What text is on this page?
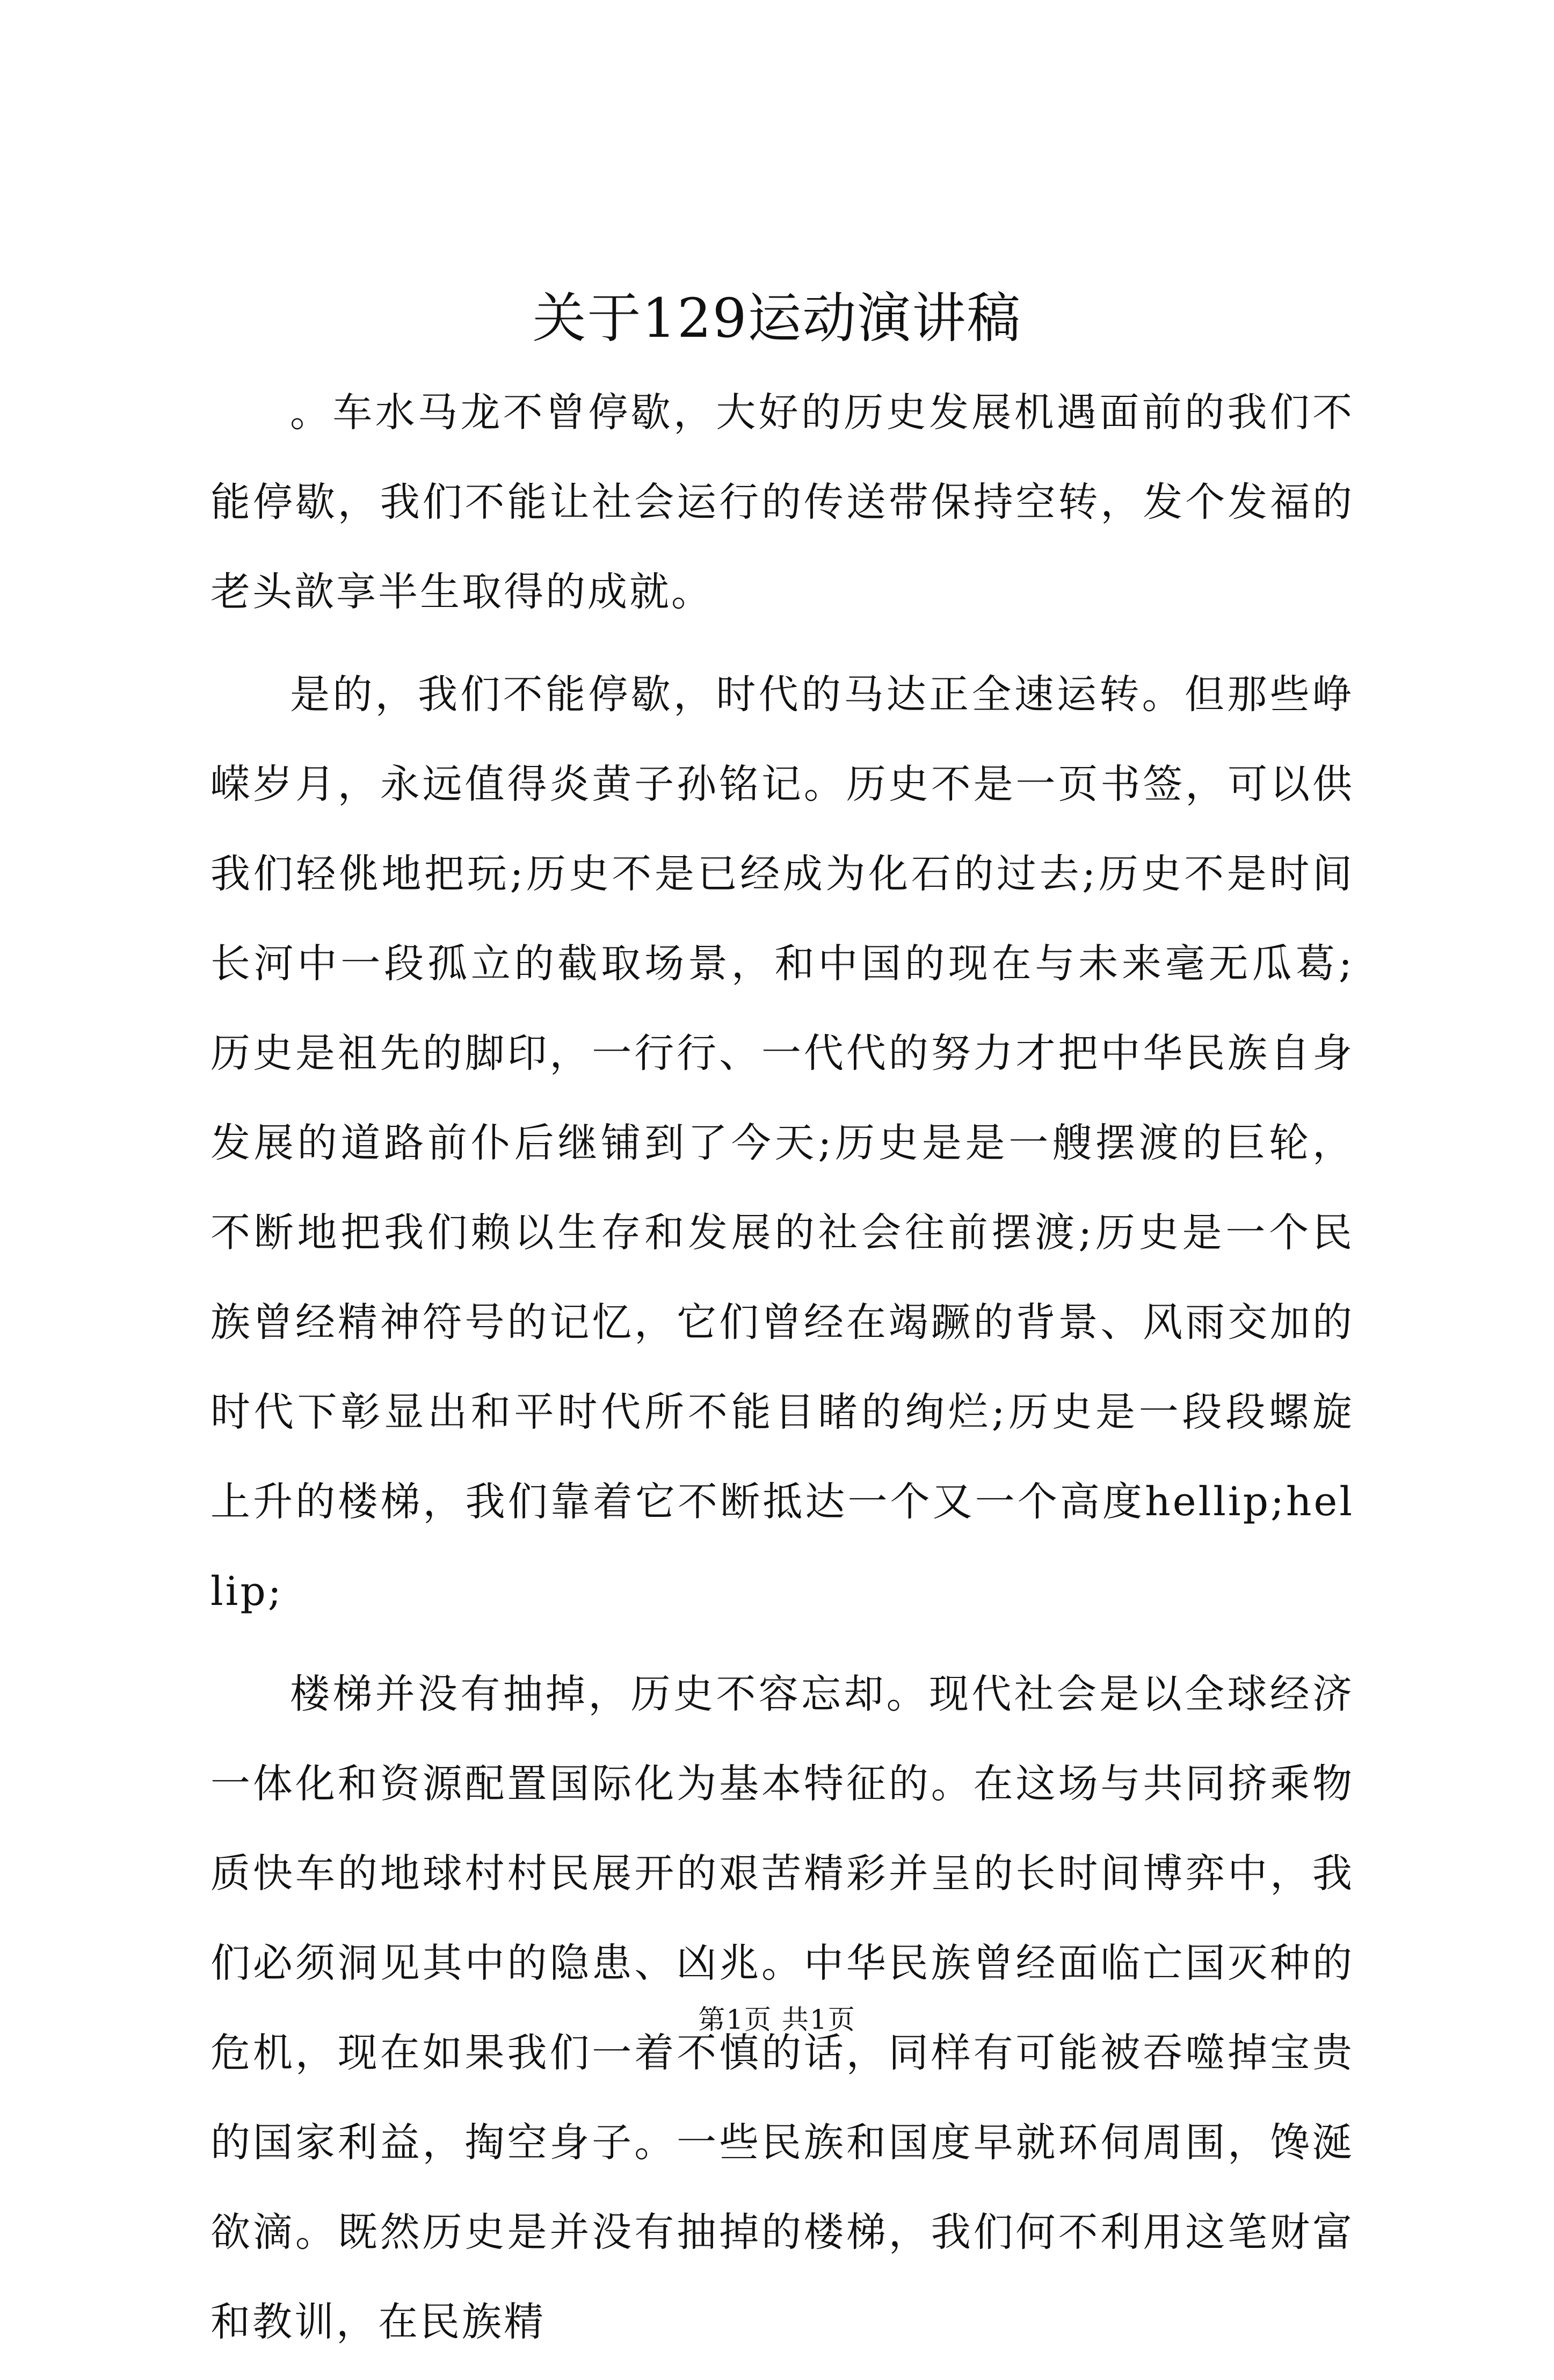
关于129运动演讲稿

。车水马龙不曾停歇，大好的历史发展机遇面前的我们不能停歇，我们不能让社会运行的传送带保持空转，发个发福的老头歆享半生取得的成就。

是的，我们不能停歇，时代的马达正全速运转。但那些峥嵘岁月，永远值得炎黄子孙铭记。历史不是一页书签，可以供我们轻佻地把玩;历史不是已经成为化石的过去;历史不是时间长河中一段孤立的截取场景，和中国的现在与未来毫无瓜葛;历史是祖先的脚印，一行行、一代代的努力才把中华民族自身发展的道路前仆后继铺到了今天;历史是是一艘摆渡的巨轮，不断地把我们赖以生存和发展的社会往前摆渡;历史是一个民族曾经精神符号的记忆，它们曾经在竭蹶的背景、风雨交加的时代下彰显出和平时代所不能目睹的绚烂;历史是一段段螺旋上升的楼梯，我们靠着它不断抵达一个又一个高度hellip;hellip;

楼梯并没有抽掉，历史不容忘却。现代社会是以全球经济一体化和资源配置国际化为基本特征的。在这场与共同挤乘物质快车的地球村村民展开的艰苦精彩并呈的长时间博弈中，我们必须洞见其中的隐患、凶兆。中华民族曾经面临亡国灭种的危机，现在如果我们一着不慎的话，同样有可能被吞噬掉宝贵的国家利益，掏空身子。一些民族和国度早就环伺周围，馋涎欲滴。既然历史是并没有抽掉的楼梯，我们何不利用这笔财富和教训，在民族精

第1页 共1页
